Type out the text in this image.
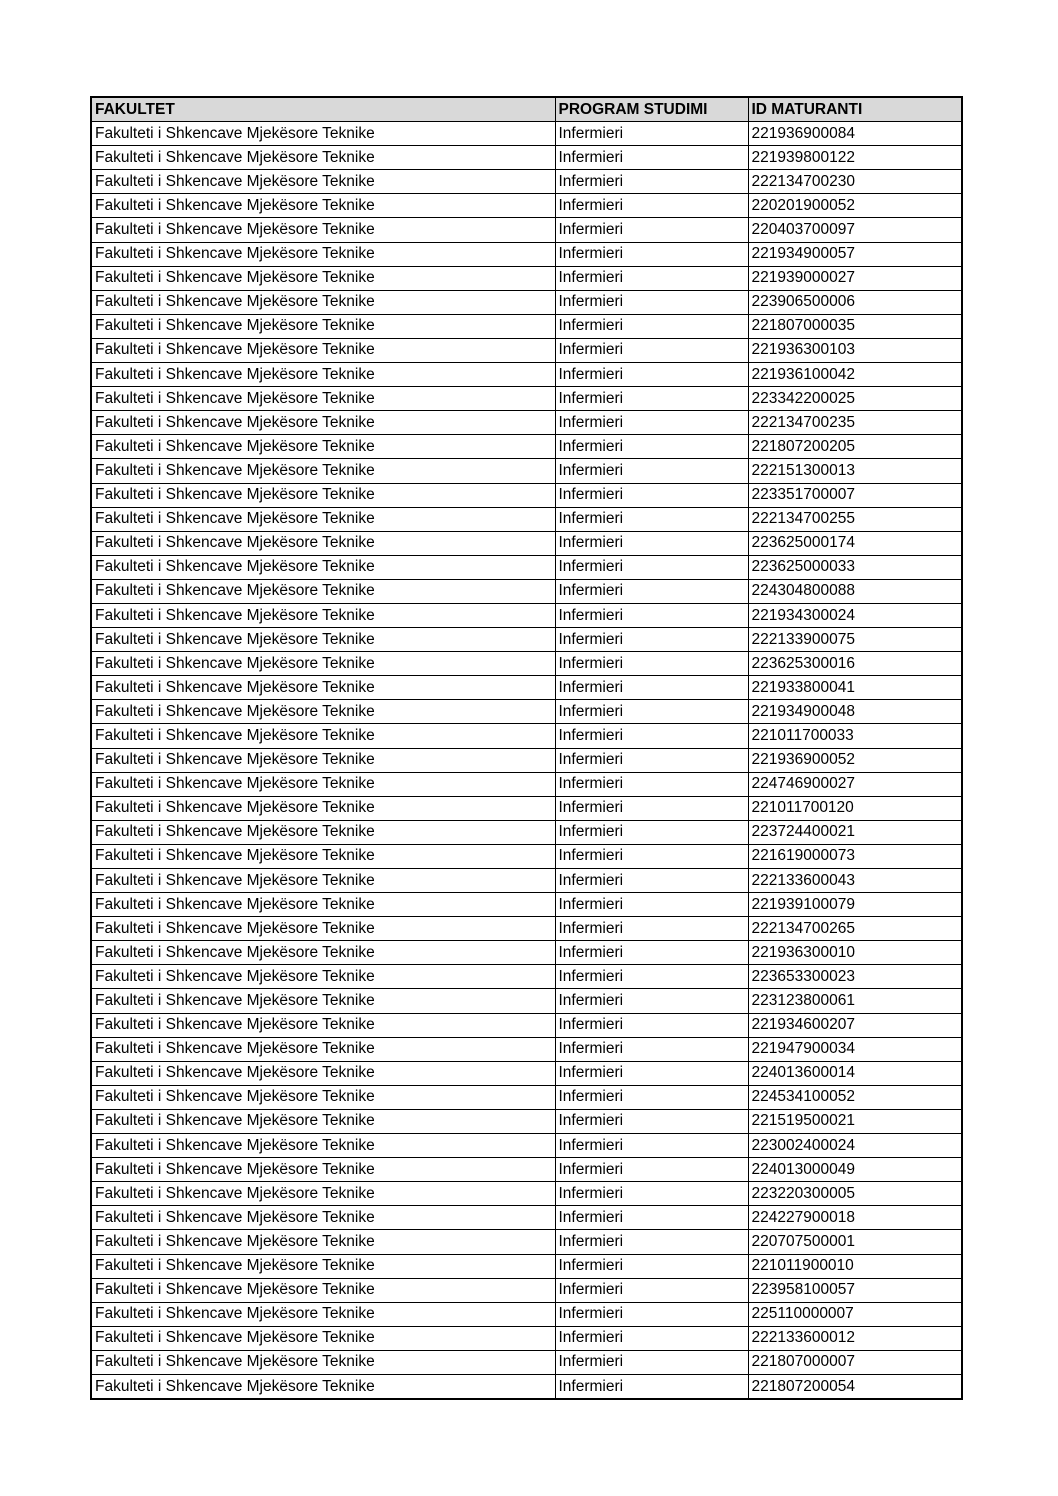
FAKULTET	PROGRAM STUDIMI	ID MATURANTI
Fakulteti i Shkencave Mjekësore Teknike	Infermieri	221936900084
Fakulteti i Shkencave Mjekësore Teknike	Infermieri	221939800122
Fakulteti i Shkencave Mjekësore Teknike	Infermieri	222134700230
Fakulteti i Shkencave Mjekësore Teknike	Infermieri	220201900052
Fakulteti i Shkencave Mjekësore Teknike	Infermieri	220403700097
Fakulteti i Shkencave Mjekësore Teknike	Infermieri	221934900057
Fakulteti i Shkencave Mjekësore Teknike	Infermieri	221939000027
Fakulteti i Shkencave Mjekësore Teknike	Infermieri	223906500006
Fakulteti i Shkencave Mjekësore Teknike	Infermieri	221807000035
Fakulteti i Shkencave Mjekësore Teknike	Infermieri	221936300103
Fakulteti i Shkencave Mjekësore Teknike	Infermieri	221936100042
Fakulteti i Shkencave Mjekësore Teknike	Infermieri	223342200025
Fakulteti i Shkencave Mjekësore Teknike	Infermieri	222134700235
Fakulteti i Shkencave Mjekësore Teknike	Infermieri	221807200205
Fakulteti i Shkencave Mjekësore Teknike	Infermieri	222151300013
Fakulteti i Shkencave Mjekësore Teknike	Infermieri	223351700007
Fakulteti i Shkencave Mjekësore Teknike	Infermieri	222134700255
Fakulteti i Shkencave Mjekësore Teknike	Infermieri	223625000174
Fakulteti i Shkencave Mjekësore Teknike	Infermieri	223625000033
Fakulteti i Shkencave Mjekësore Teknike	Infermieri	224304800088
Fakulteti i Shkencave Mjekësore Teknike	Infermieri	221934300024
Fakulteti i Shkencave Mjekësore Teknike	Infermieri	222133900075
Fakulteti i Shkencave Mjekësore Teknike	Infermieri	223625300016
Fakulteti i Shkencave Mjekësore Teknike	Infermieri	221933800041
Fakulteti i Shkencave Mjekësore Teknike	Infermieri	221934900048
Fakulteti i Shkencave Mjekësore Teknike	Infermieri	221011700033
Fakulteti i Shkencave Mjekësore Teknike	Infermieri	221936900052
Fakulteti i Shkencave Mjekësore Teknike	Infermieri	224746900027
Fakulteti i Shkencave Mjekësore Teknike	Infermieri	221011700120
Fakulteti i Shkencave Mjekësore Teknike	Infermieri	223724400021
Fakulteti i Shkencave Mjekësore Teknike	Infermieri	221619000073
Fakulteti i Shkencave Mjekësore Teknike	Infermieri	222133600043
Fakulteti i Shkencave Mjekësore Teknike	Infermieri	221939100079
Fakulteti i Shkencave Mjekësore Teknike	Infermieri	222134700265
Fakulteti i Shkencave Mjekësore Teknike	Infermieri	221936300010
Fakulteti i Shkencave Mjekësore Teknike	Infermieri	223653300023
Fakulteti i Shkencave Mjekësore Teknike	Infermieri	223123800061
Fakulteti i Shkencave Mjekësore Teknike	Infermieri	221934600207
Fakulteti i Shkencave Mjekësore Teknike	Infermieri	221947900034
Fakulteti i Shkencave Mjekësore Teknike	Infermieri	224013600014
Fakulteti i Shkencave Mjekësore Teknike	Infermieri	224534100052
Fakulteti i Shkencave Mjekësore Teknike	Infermieri	221519500021
Fakulteti i Shkencave Mjekësore Teknike	Infermieri	223002400024
Fakulteti i Shkencave Mjekësore Teknike	Infermieri	224013000049
Fakulteti i Shkencave Mjekësore Teknike	Infermieri	223220300005
Fakulteti i Shkencave Mjekësore Teknike	Infermieri	224227900018
Fakulteti i Shkencave Mjekësore Teknike	Infermieri	220707500001
Fakulteti i Shkencave Mjekësore Teknike	Infermieri	221011900010
Fakulteti i Shkencave Mjekësore Teknike	Infermieri	223958100057
Fakulteti i Shkencave Mjekësore Teknike	Infermieri	225110000007
Fakulteti i Shkencave Mjekësore Teknike	Infermieri	222133600012
Fakulteti i Shkencave Mjekësore Teknike	Infermieri	221807000007
Fakulteti i Shkencave Mjekësore Teknike	Infermieri	221807200054
